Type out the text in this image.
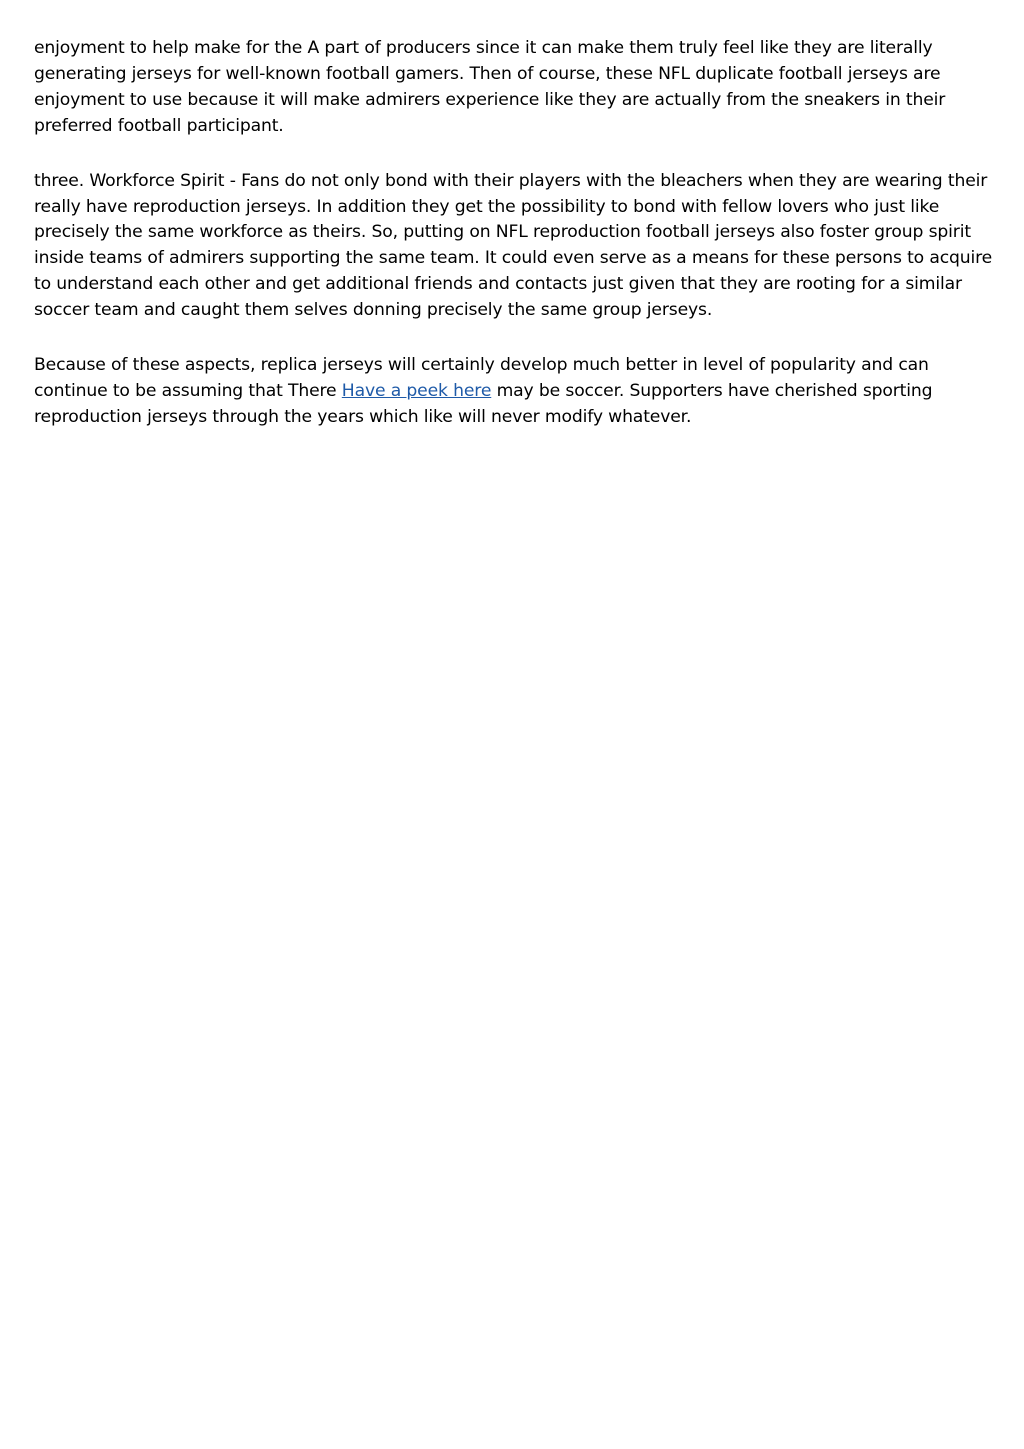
enjoyment to help make for the A part of producers since it can make them truly feel like they are literally generating jerseys for well-known football gamers. Then of course, these NFL duplicate football jerseys are enjoyment to use because it will make admirers experience like they are actually from the sneakers in their preferred football participant.

three. Workforce Spirit - Fans do not only bond with their players with the bleachers when they are wearing their really have reproduction jerseys. In addition they get the possibility to bond with fellow lovers who just like precisely the same workforce as theirs. So, putting on NFL reproduction football jerseys also foster group spirit inside teams of admirers supporting the same team. It could even serve as a means for these persons to acquire to understand each other and get additional friends and contacts just given that they are rooting for a similar soccer team and caught them selves donning precisely the same group jerseys.

Because of these aspects, replica jerseys will certainly develop much better in level of popularity and can continue to be assuming that There Have a peek here may be soccer. Supporters have cherished sporting reproduction jerseys through the years which like will never modify whatever.
